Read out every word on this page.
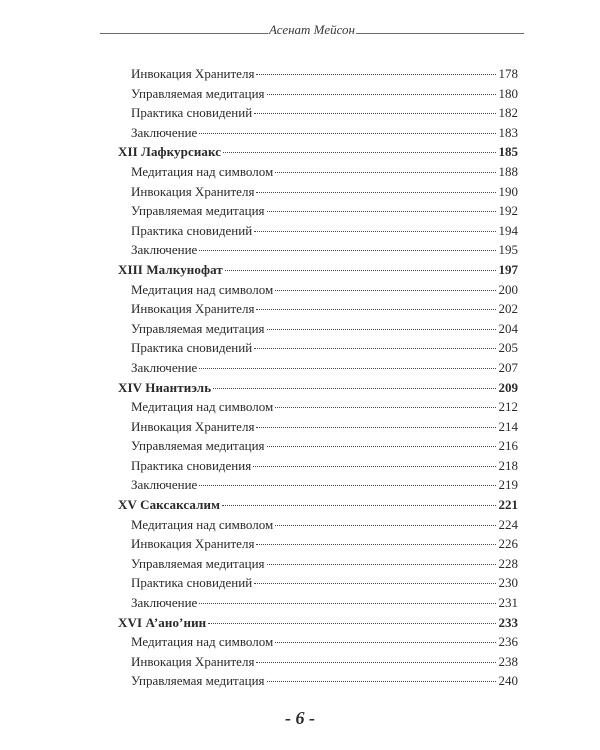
Асенат Мейсон
Инвокация Хранителя	178
Управляемая медитация	180
Практика сновидений	182
Заключение	183
XII Лафкурсиакс	185
Медитация над символом	188
Инвокация Хранителя	190
Управляемая медитация	192
Практика сновидений	194
Заключение	195
XIII Малкунофат	197
Медитация над символом	200
Инвокация Хранителя	202
Управляемая медитация	204
Практика сновидений	205
Заключение	207
XIV Ниантиэль	209
Медитация над символом	212
Инвокация Хранителя	214
Управляемая медитация	216
Практика сновидения	218
Заключение	219
XV Саксаксалим	221
Медитация над символом	224
Инвокация Хранителя	226
Управляемая медитация	228
Практика сновидений	230
Заключение	231
XVI А’ано’нин	233
Медитация над символом	236
Инвокация Хранителя	238
Управляемая медитация	240
- 6 -
